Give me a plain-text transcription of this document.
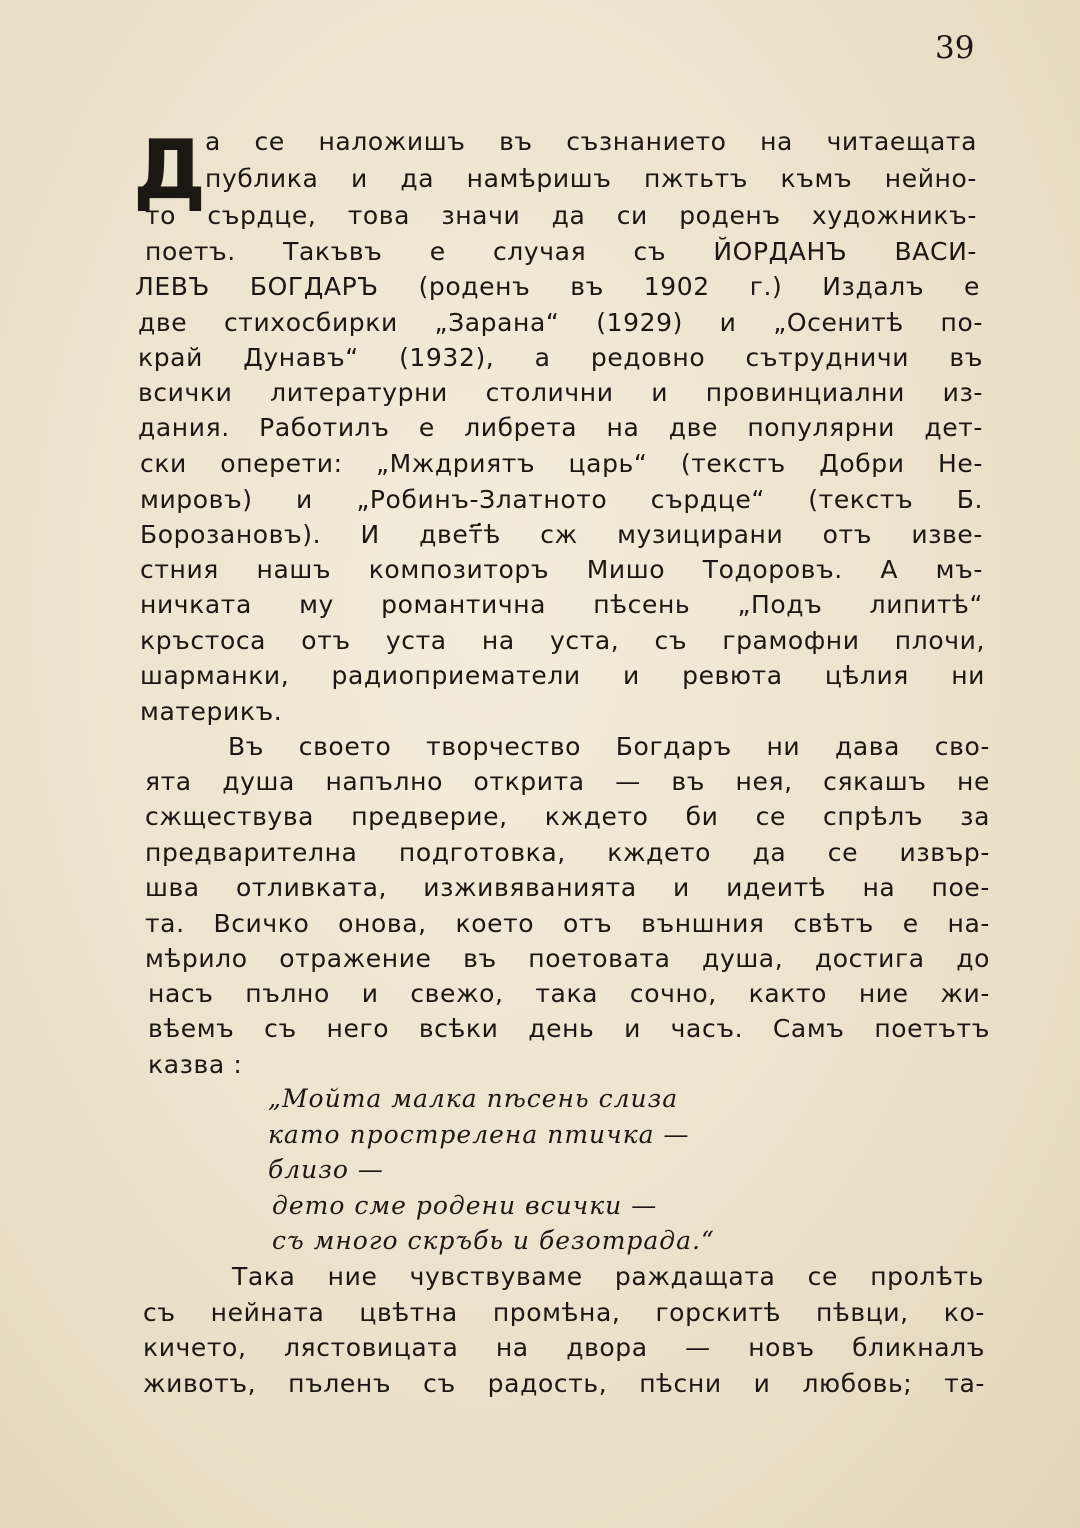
39
Д
а се наложишъ въ съзнанието на читаещата
публика и да намѣришъ пжтьтъ къмъ нейно-
то сърдце, това значи да си роденъ художникъ-
поетъ. Такъвъ е случая съ ЙОРДАНЪ ВАСИ-
ЛЕВЪ БОГДАРЪ (роденъ въ 1902 г.) Издалъ е
две стихосбирки „Зарана“ (1929) и „Осенитѣ по-
край Дунавъ“ (1932), а редовно сътрудничи въ
всички литературни столични и провинциални из-
дания. Работилъ е либрета на две популярни дет-
ски оперети: „Мждриятъ царь“ (текстъ Добри Не-
мировъ) и „Робинъ-Златното сърдце“ (текстъ Б.
Борозановъ). И двет҃ѣ сж музицирани отъ изве-
стния нашъ композиторъ Мишо Тодоровъ. А мъ-
ничката му романтична пѣсень „Подъ липитѣ“
кръстоса отъ уста на уста, съ грамофни плочи,
шарманки, радиоприематели и ревюта цѣлия ни
материкъ.
Въ своето творчество Богдаръ ни дава сво-
ята душа напълно открита — въ нея, сякашъ не
сжществува предверие, кждето би се спрѣлъ за
предварителна подготовка, кждето да се извър-
шва отливката, изживяванията и идеитѣ на пое-
та. Всичко онова, което отъ външния свѣтъ е на-
мѣрило отражение въ поетовата душа, достига до
насъ пълно и свежо, така сочно, както ние жи-
вѣемъ съ него всѣки день и часъ. Самъ поетътъ
казва :
„Мойта малка пѣсень слиза
като прострелена птичка —
близо —
дето сме родени всички —
съ много скръбь и безотрада.“
Така ние чувствуваме раждащата се пролѣть
съ нейната цвѣтна промѣна, горскитѣ пѣвци, ко-
кичето, лястовицата на двора — новъ бликналъ
животъ, пъленъ съ радость, пѣсни и любовь; та-
